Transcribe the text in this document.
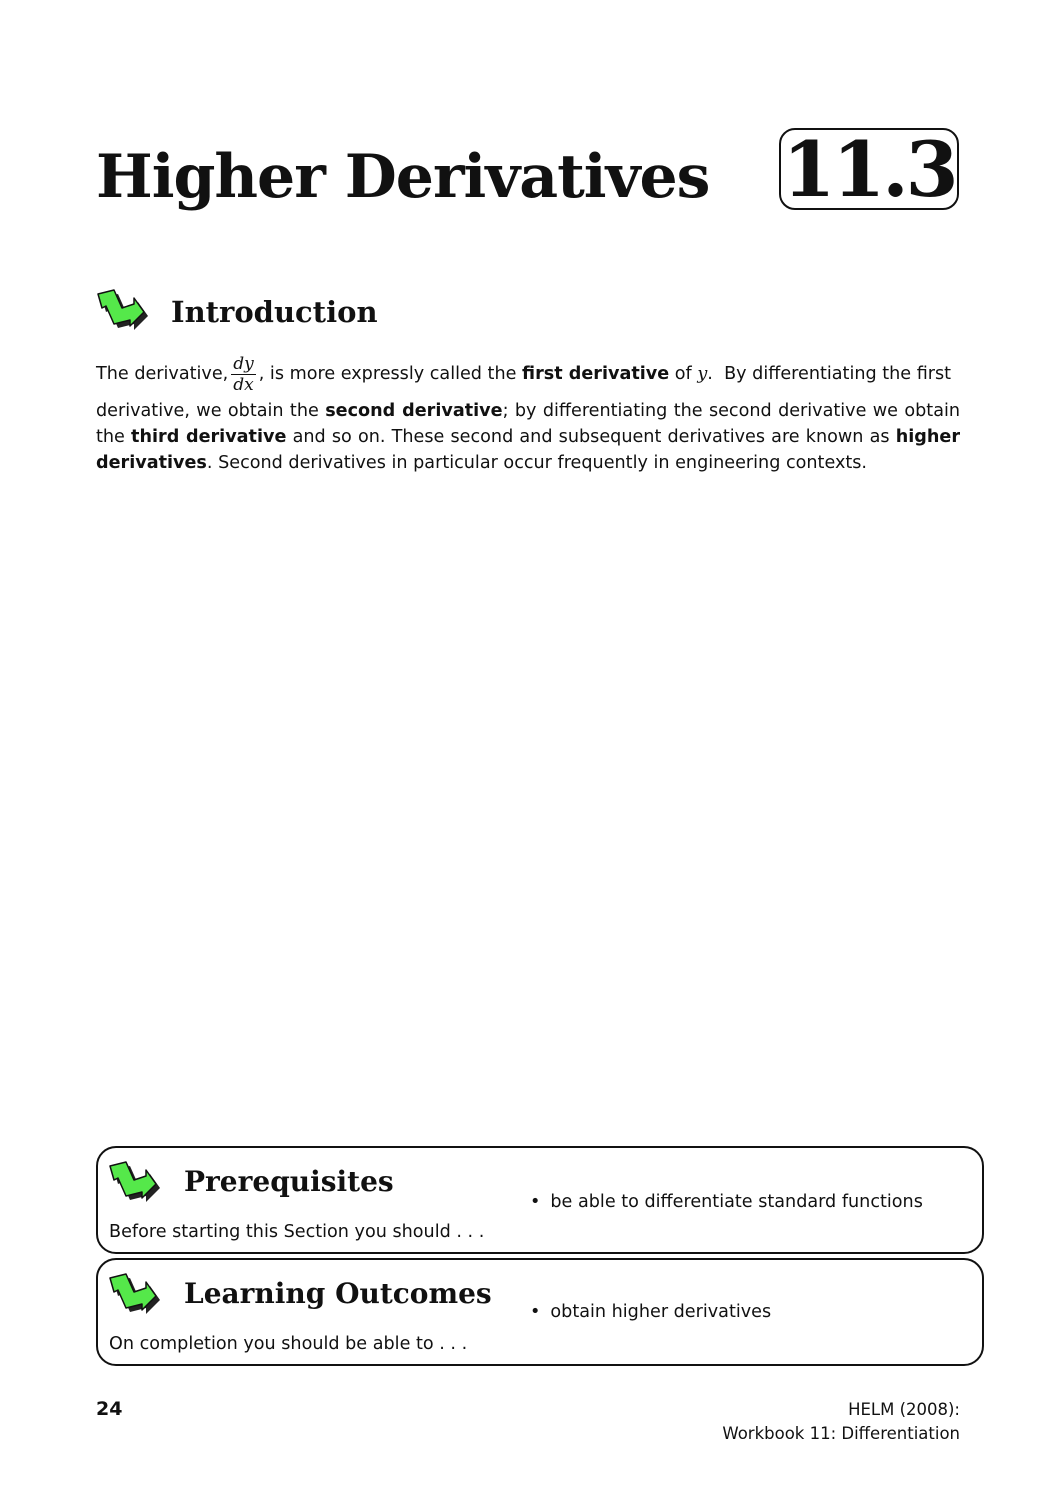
Higher Derivatives 11.3
Introduction
The derivative, $\frac{dy}{dx}$ , is more expressly called the
first derivative
of
y .  By differentiating the first

derivative, we obtain the second derivative; by differentiating the second derivative we obtain the third derivative and so on. These second and subsequent derivatives are known as higher derivatives. Second derivatives in particular occur frequently in engineering contexts.

Prerequisites
Before starting this Section you should . . .
• be able to differentiate standard functions
Learning Outcomes
On completion you should be able to . . .
• obtain higher derivatives
24	HELM (2008):
Workbook 11: Differentiation
